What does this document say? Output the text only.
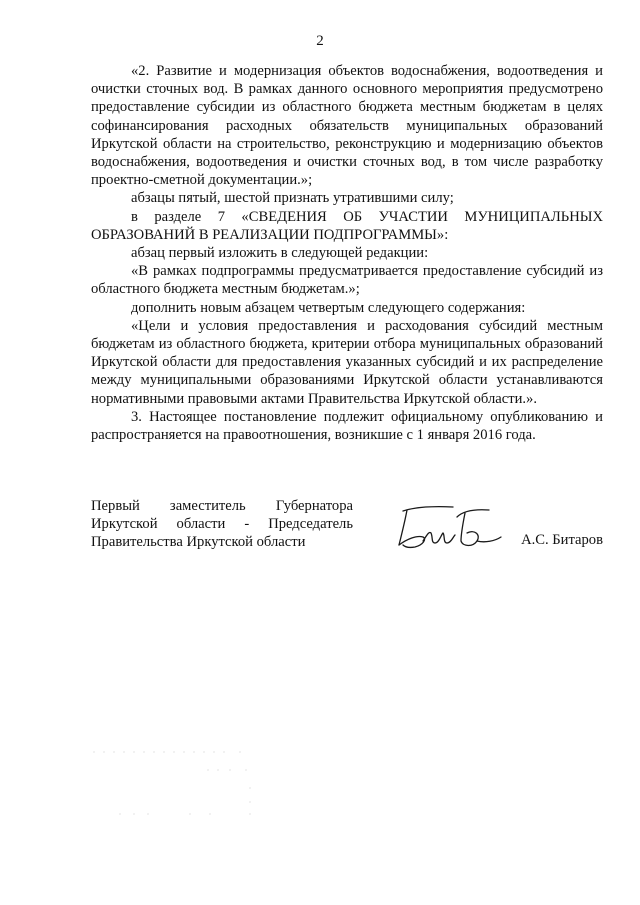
2

«2. Развитие и модернизация объектов водоснабжения, водоотведения и очистки сточных вод. В рамках данного основного мероприятия предусмотрено предоставление субсидии из областного бюджета местным бюджетам в целях софинансирования расходных обязательств муниципальных образований Иркутской области на строительство, реконструкцию и модернизацию объектов водоснабжения, водоотведения и очистки сточных вод, в том числе разработку проектно-сметной документации.»;

абзацы пятый, шестой признать утратившими силу;

в разделе 7 «СВЕДЕНИЯ ОБ УЧАСТИИ МУНИЦИПАЛЬНЫХ ОБРАЗОВАНИЙ В РЕАЛИЗАЦИИ ПОДПРОГРАММЫ»:

абзац первый изложить в следующей редакции:

«В рамках подпрограммы предусматривается предоставление субсидий из областного бюджета местным бюджетам.»;

дополнить новым абзацем четвертым следующего содержания:

«Цели и условия предоставления и расходования субсидий местным бюджетам из областного бюджета, критерии отбора муниципальных образований Иркутской области для предоставления указанных субсидий и их распределение между муниципальными образованиями Иркутской области устанавливаются нормативными правовыми актами Правительства Иркутской области.».

3. Настоящее постановление подлежит официальному опубликованию и распространяется на правоотношения, возникшие с 1 января 2016 года.

Первый заместитель Губернатора
Иркутской области - Председатель
Правительства Иркутской области	А.С. Битаров
